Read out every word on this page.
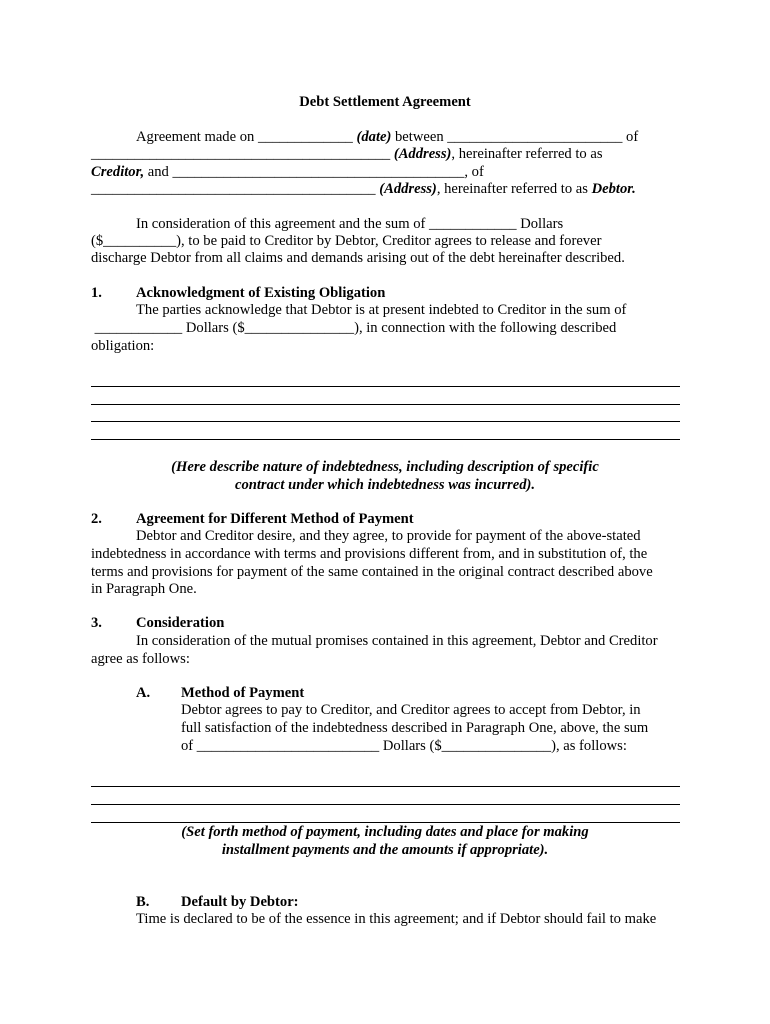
Debt Settlement Agreement
Agreement made on _____________ (date) between ________________________ of
_________________________________________ (Address), hereinafter referred to as
Creditor, and ________________________________________, of
_______________________________________ (Address), hereinafter referred to as Debtor.
In consideration of this agreement and the sum of ____________ Dollars
($__________), to be paid to Creditor by Debtor, Creditor agrees to release and forever
discharge Debtor from all claims and demands arising out of the debt hereinafter described.
1. Acknowledgment of Existing Obligation
The parties acknowledge that Debtor is at present indebted to Creditor in the sum of
____________ Dollars ($_______________), in connection with the following described
obligation:
(Here describe nature of indebtedness, including description of specific
contract under which indebtedness was incurred).
2. Agreement for Different Method of Payment
Debtor and Creditor desire, and they agree, to provide for payment of the above-stated
indebtedness in accordance with terms and provisions different from, and in substitution of, the
terms and provisions for payment of the same contained in the original contract described above
in Paragraph One.
3. Consideration
In consideration of the mutual promises contained in this agreement, Debtor and Creditor
agree as follows:
A. Method of Payment
Debtor agrees to pay to Creditor, and Creditor agrees to accept from Debtor, in
full satisfaction of the indebtedness described in Paragraph One, above, the sum
of _________________________ Dollars ($_______________), as follows:
(Set forth method of payment, including dates and place for making
installment payments and the amounts if appropriate).
B. Default by Debtor:
Time is declared to be of the essence in this agreement; and if Debtor should fail to make
